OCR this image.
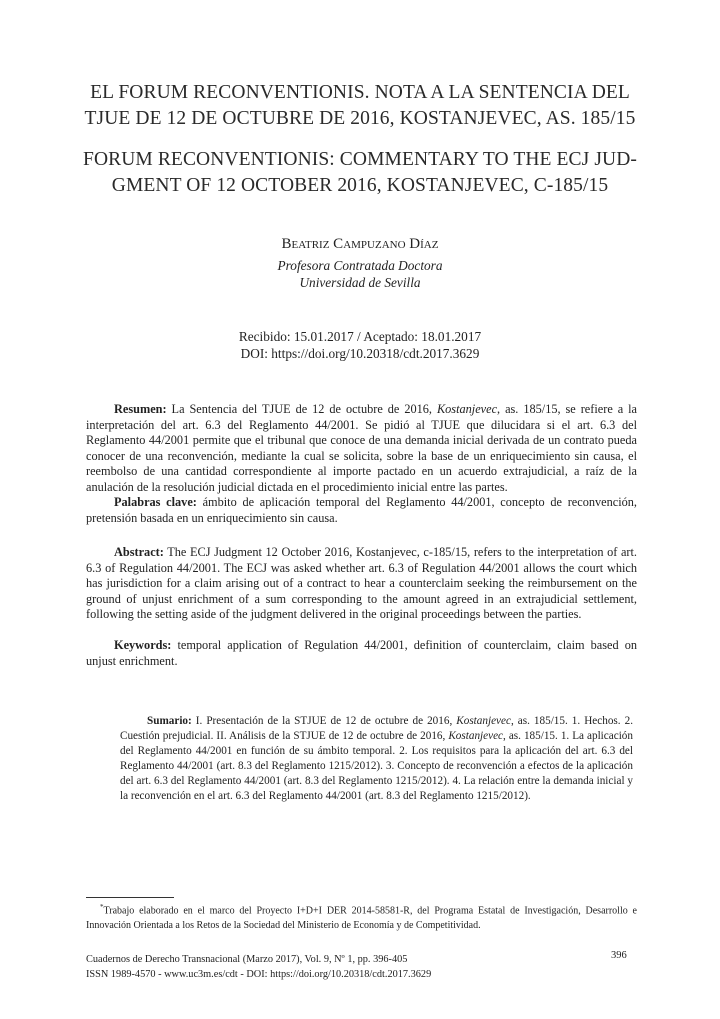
EL FORUM RECONVENTIONIS. NOTA A LA SENTENCIA DEL
TJUE DE 12 DE OCTUBRE DE 2016, KOSTANJEVEC, AS. 185/15
FORUM RECONVENTIONIS: COMMENTARY TO THE ECJ JUD-
GMENT OF 12 OCTOBER 2016, KOSTANJEVEC, C-185/15
Beatriz Campuzano Díaz
Profesora Contratada Doctora
Universidad de Sevilla
Recibido: 15.01.2017 / Aceptado: 18.01.2017
DOI: https://doi.org/10.20318/cdt.2017.3629
Resumen: La Sentencia del TJUE de 12 de octubre de 2016, Kostanjevec, as. 185/15, se refiere a la interpretación del art. 6.3 del Reglamento 44/2001. Se pidió al TJUE que dilucidara si el art. 6.3 del Reglamento 44/2001 permite que el tribunal que conoce de una demanda inicial derivada de un contrato pueda conocer de una reconvención, mediante la cual se solicita, sobre la base de un enriquecimiento sin causa, el reembolso de una cantidad correspondiente al importe pactado en un acuerdo extrajudicial, a raíz de la anulación de la resolución judicial dictada en el procedimiento inicial entre las partes.
Palabras clave: ámbito de aplicación temporal del Reglamento 44/2001, concepto de reconvención, pretensión basada en un enriquecimiento sin causa.
Abstract: The ECJ Judgment 12 October 2016, Kostanjevec, c-185/15, refers to the interpretation of art. 6.3 of Regulation 44/2001. The ECJ was asked whether art. 6.3 of Regulation 44/2001 allows the court which has jurisdiction for a claim arising out of a contract to hear a counterclaim seeking the reimbursement on the ground of unjust enrichment of a sum corresponding to the amount agreed in an extrajudicial settlement, following the setting aside of the judgment delivered in the original proceedings between the parties.
Keywords: temporal application of Regulation 44/2001, definition of counterclaim, claim based on unjust enrichment.
Sumario: I. Presentación de la STJUE de 12 de octubre de 2016, Kostanjevec, as. 185/15. 1. Hechos. 2. Cuestión prejudicial. II. Análisis de la STJUE de 12 de octubre de 2016, Kostanjevec, as. 185/15. 1. La aplicación del Reglamento 44/2001 en función de su ámbito temporal. 2. Los requisitos para la aplicación del art. 6.3 del Reglamento 44/2001 (art. 8.3 del Reglamento 1215/2012). 3. Concepto de reconvención a efectos de la aplicación del art. 6.3 del Reglamento 44/2001 (art. 8.3 del Reglamento 1215/2012). 4. La relación entre la demanda inicial y la reconvención en el art. 6.3 del Reglamento 44/2001 (art. 8.3 del Reglamento 1215/2012).
*Trabajo elaborado en el marco del Proyecto I+D+I DER 2014-58581-R, del Programa Estatal de Investigación, Desarrollo e Innovación Orientada a los Retos de la Sociedad del Ministerio de Economía y de Competitividad.
Cuadernos de Derecho Transnacional (Marzo 2017), Vol. 9, Nº 1, pp. 396-405
ISSN 1989-4570 - www.uc3m.es/cdt - DOI: https://doi.org/10.20318/cdt.2017.3629
396
